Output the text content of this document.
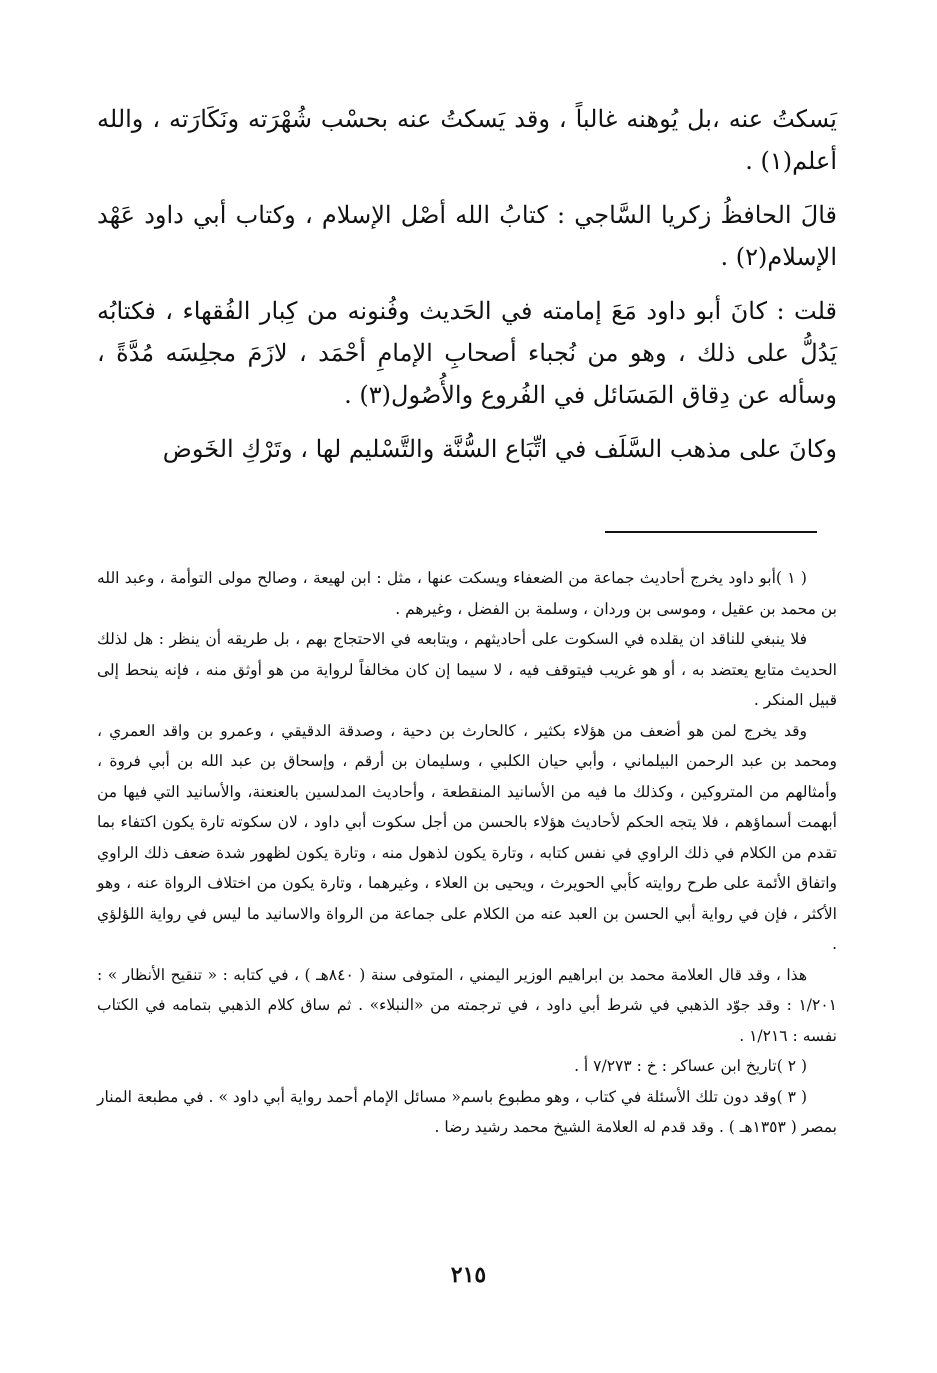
يَسكتُ عنه ،بل يُوهنه غالباً ، وقد يَسكتُ عنه بحسْب شُهْرَته ونَكَارَته ، والله أعلم(١) .

قالَ الحافظُ زكريا السَّاجي : كتابُ الله أصْل الإسلام ، وكتاب أبي داود عَهْد الإسلام(٢) .

قلت : كانَ أبو داود مَعَ إمامته في الحَديث وفُنونه من كِبار الفُقهاء ، فكتابُه يَدُلُّ على ذلك ، وهو من نُجباء أصحابِ الإمامِ أحْمَد ، لازَمَ مجلِسَه مُدَّةً ، وسأله عن دِقاق المَسَائل في الفُروع والأُصُول(٣) .

وكانَ على مذهب السَّلَف في اتِّبَاع السُّنَّة والتَّسْليم لها ، وتَرْكِ الخَوض

( ١ )أبو داود يخرج أحاديث جماعة من الضعفاء ويسكت عنها ، مثل : ابن لهيعة ، وصالح مولى التوأمة ، وعبد الله بن محمد بن عقيل ، وموسى بن وردان ، وسلمة بن الفضل ، وغيرهم .

فلا ينبغي للناقد ان يقلده في السكوت على أحاديثهم ، ويتابعه في الاحتجاج بهم ، بل طريقه أن ينظر : هل لذلك الحديث متابع يعتضد به ، أو هو غريب فيتوقف فيه ، لا سيما إن كان مخالفاً لرواية من هو أوثق منه ، فإنه ينحط إلى قبيل المنكر .

وقد يخرج لمن هو أضعف من هؤلاء بكثير ، كالحارث بن دحية ، وصدقة الدقيقي ، وعمرو بن واقد العمري ، ومحمد بن عبد الرحمن البيلماني ، وأبي حيان الكلبي ، وسليمان بن أرقم ، وإسحاق بن عبد الله بن أبي فروة ، وأمثالهم من المتروكين ، وكذلك ما فيه من الأسانيد المنقطعة ، وأحاديث المدلسين بالعنعنة، والأسانيد التي فيها من أبهمت أسماؤهم ، فلا يتجه الحكم لأحاديث هؤلاء بالحسن من أجل سكوت أبي داود ، لان سكوته تارة يكون اكتفاء بما تقدم من الكلام في ذلك الراوي في نفس كتابه ، وتارة يكون لذهول منه ، وتارة يكون لظهور شدة ضعف ذلك الراوي واتفاق الأئمة على طرح روايته كأبي الحويرث ، ويحيى بن العلاء ، وغيرهما ، وتارة يكون من اختلاف الرواة عنه ، وهو الأكثر ، فإن في رواية أبي الحسن بن العبد عنه من الكلام على جماعة من الرواة والاسانيد ما ليس في رواية اللؤلؤي .

هذا ، وقد قال العلامة محمد بن ابراهيم الوزير اليمني ، المتوفى سنة ( ٨٤٠هـ ) ، في كتابه : « تنقيح الأنظار » : ١/٢٠١ : وقد جوّد الذهبي في شرط أبي داود ، في ترجمته من «النبلاء» . ثم ساق كلام الذهبي بتمامه في الكتاب نفسه : ١/٢١٦ .

( ٢ )تاريخ ابن عساكر : خ : ٧/٢٧٣ أ .

( ٣ )وقد دون تلك الأسئلة في كتاب ، وهو مطبوع باسم« مسائل الإمام أحمد رواية أبي داود » . في مطبعة المنار بمصر ( ١٣٥٣هـ ) . وقد قدم له العلامة الشيخ محمد رشيد رضا .

٢١٥
